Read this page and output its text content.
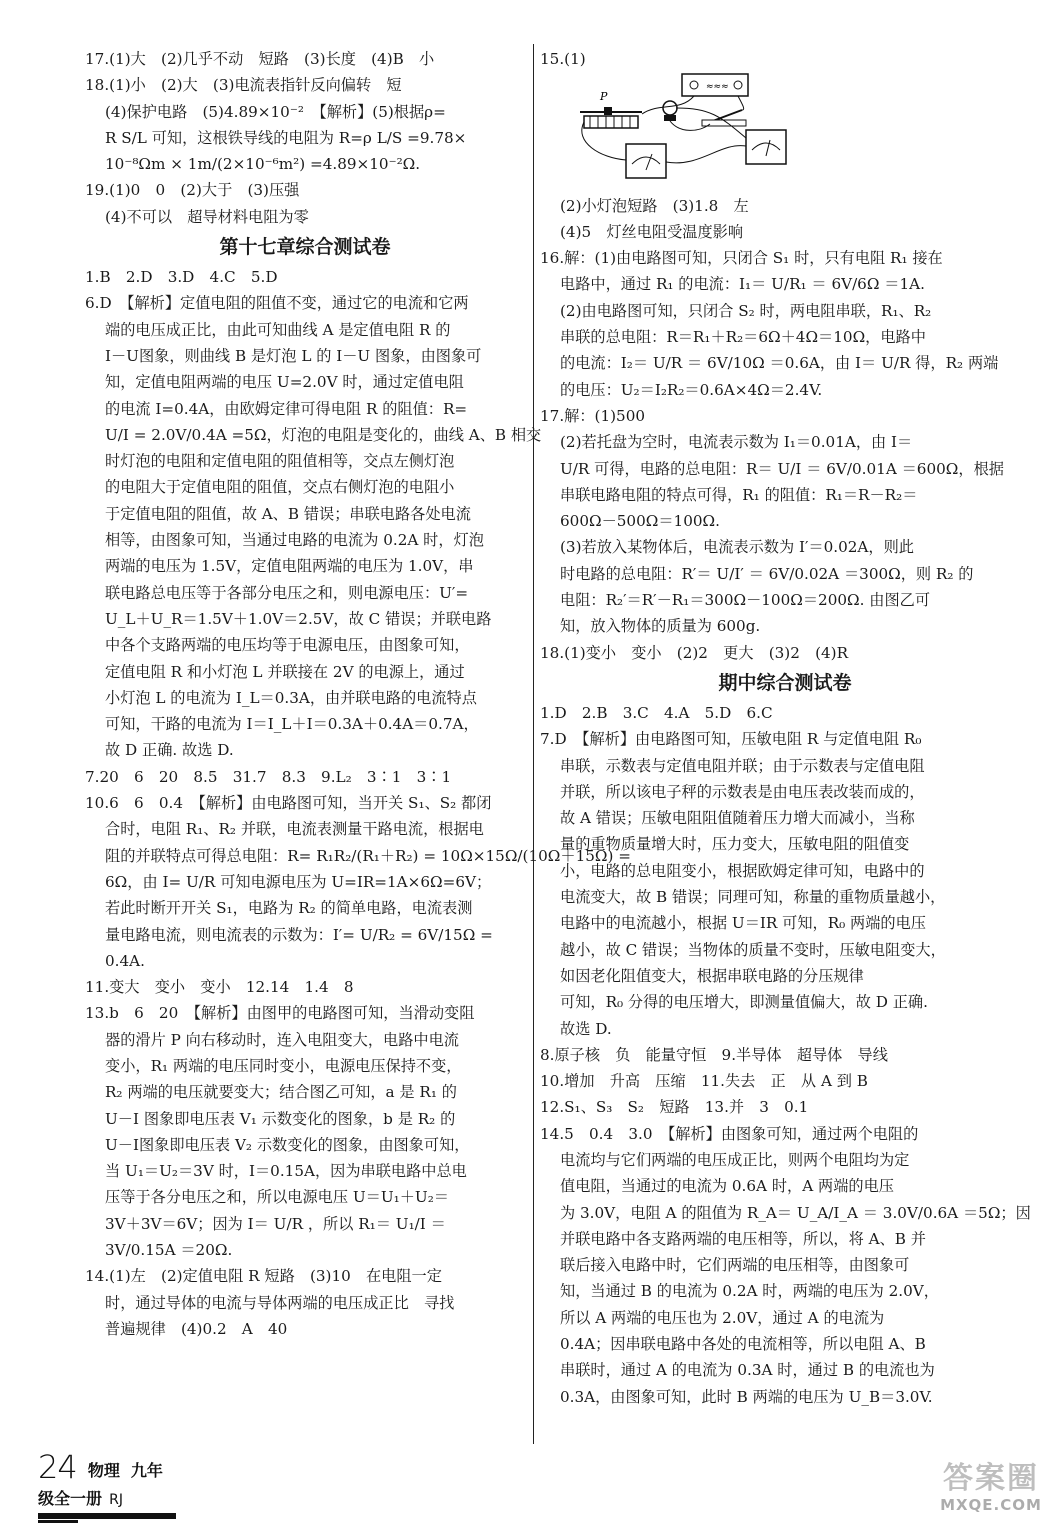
17.(1)大　(2)几乎不动　短路　(3)长度　(4)B　小
18.(1)小　(2)大　(3)电流表指针反向偏转　短
(4)保护电路　(5)4.89×10⁻²　【解析】(5)根据ρ=
R S/L 可知，这根铁导线的电阻为 R=ρ L/S =9.78×
10⁻⁸Ωm × 1m/(2×10⁻⁶m²) =4.89×10⁻²Ω.
19.(1)0　0　(2)大于　(3)压强
(4)不可以　超导材料电阻为零
第十七章综合测试卷
1.B　2.D　3.D　4.C　5.D
6.D　【解析】定值电阻的阻值不变，通过它的电流和它两
端的电压成正比，由此可知曲线 A 是定值电阻 R 的
I－U图象，则曲线 B 是灯泡 L 的 I－U 图象，由图象可
知，定值电阻两端的电压 U=2.0V 时，通过定值电阻
的电流 I=0.4A，由欧姆定律可得电阻 R 的阻值：R=
U/I = 2.0V/0.4A =5Ω，灯泡的电阻是变化的，曲线 A、B 相交
时灯泡的电阻和定值电阻的阻值相等，交点左侧灯泡
的电阻大于定值电阻的阻值，交点右侧灯泡的电阻小
于定值电阻的阻值，故 A、B 错误；串联电路各处电流
相等，由图象可知，当通过电路的电流为 0.2A 时，灯泡
两端的电压为 1.5V，定值电阻两端的电压为 1.0V，串
联电路总电压等于各部分电压之和，则电源电压：U′=
U_L＋U_R＝1.5V＋1.0V＝2.5V，故 C 错误；并联电路
中各个支路两端的电压均等于电源电压，由图象可知，
定值电阻 R 和小灯泡 L 并联接在 2V 的电源上，通过
小灯泡 L 的电流为 I_L＝0.3A，由并联电路的电流特点
可知，干路的电流为 I＝I_L＋I＝0.3A＋0.4A＝0.7A，
故 D 正确. 故选 D.
7.20　6　20　8.5　31.7　8.3　9.L₂　3∶1　3∶1
10.6　6　0.4　【解析】由电路图可知，当开关 S₁、S₂ 都闭
合时，电阻 R₁、R₂ 并联，电流表测量干路电流，根据电
阻的并联特点可得总电阻：R= R₁R₂/(R₁＋R₂) = 10Ω×15Ω/(10Ω＋15Ω) =
6Ω，由 I= U/R 可知电源电压为 U=IR=1A×6Ω=6V；
若此时断开开关 S₁，电路为 R₂ 的简单电路，电流表测
量电路电流，则电流表的示数为：I′= U/R₂ = 6V/15Ω =
0.4A.
11.变大　变小　变小　12.14　1.4　8
13.b　6　20　【解析】由图甲的电路图可知，当滑动变阻
器的滑片 P 向右移动时，连入电阻变大，电路中电流
变小，R₁ 两端的电压同时变小，电源电压保持不变，
R₂ 两端的电压就要变大；结合图乙可知，a 是 R₁ 的
U－I 图象即电压表 V₁ 示数变化的图象，b 是 R₂ 的
U－I图象即电压表 V₂ 示数变化的图象，由图象可知，
当 U₁＝U₂＝3V 时，I＝0.15A，因为串联电路中总电
压等于各分电压之和，所以电源电压 U＝U₁＋U₂＝
3V＋3V＝6V；因为 I＝ U/R ，所以 R₁＝ U₁/I ＝
3V/0.15A ＝20Ω.
14.(1)左　(2)定值电阻 R 短路　(3)10　在电阻一定
时，通过导体的电流与导体两端的电压成正比　寻找
普遍规律　(4)0.2　A　40
15.(1)
≈≈≈
P
(2)小灯泡短路　(3)1.8　左
(4)5　灯丝电阻受温度影响
16.解：(1)由电路图可知，只闭合 S₁ 时，只有电阻 R₁ 接在
电路中，通过 R₁ 的电流：I₁＝ U/R₁ ＝ 6V/6Ω ＝1A.
(2)由电路图可知，只闭合 S₂ 时，两电阻串联，R₁、R₂
串联的总电阻：R＝R₁＋R₂＝6Ω＋4Ω＝10Ω，电路中
的电流：I₂＝ U/R ＝ 6V/10Ω ＝0.6A，由 I＝ U/R 得，R₂ 两端
的电压：U₂＝I₂R₂＝0.6A×4Ω＝2.4V.
17.解：(1)500
(2)若托盘为空时，电流表示数为 I₁＝0.01A，由 I＝
U/R 可得，电路的总电阻：R＝ U/I ＝ 6V/0.01A ＝600Ω，根据
串联电路电阻的特点可得，R₁ 的阻值：R₁＝R－R₂＝
600Ω－500Ω＝100Ω.
(3)若放入某物体后，电流表示数为 I′＝0.02A，则此
时电路的总电阻：R′＝ U/I′ ＝ 6V/0.02A ＝300Ω，则 R₂ 的
电阻：R₂′＝R′－R₁＝300Ω－100Ω＝200Ω. 由图乙可
知，放入物体的质量为 600g.
18.(1)变小　变小　(2)2　更大　(3)2　(4)R
期中综合测试卷
1.D　2.B　3.C　4.A　5.D　6.C
7.D　【解析】由电路图可知，压敏电阻 R 与定值电阻 R₀
串联，示数表与定值电阻并联；由于示数表与定值电阻
并联，所以该电子秤的示数表是由电压表改装而成的，
故 A 错误；压敏电阻阻值随着压力增大而减小，当称
量的重物质量增大时，压力变大，压敏电阻的阻值变
小，电路的总电阻变小，根据欧姆定律可知，电路中的
电流变大，故 B 错误；同理可知，称量的重物质量越小，
电路中的电流越小，根据 U＝IR 可知，R₀ 两端的电压
越小，故 C 错误；当物体的质量不变时，压敏电阻变大，
如因老化阻值变大，根据串联电路的分压规律
可知，R₀ 分得的电压增大，即测量值偏大，故 D 正确.
故选 D.
8.原子核　负　能量守恒　9.半导体　超导体　导线
10.增加　升高　压缩　11.失去　正　从 A 到 B
12.S₁、S₃　S₂　短路　13.并　3　0.1
14.5　0.4　3.0　【解析】由图象可知，通过两个电阻的
电流均与它们两端的电压成正比，则两个电阻均为定
值电阻，当通过的电流为 0.6A 时，A 两端的电压
为 3.0V，电阻 A 的阻值为 R_A＝ U_A/I_A ＝ 3.0V/0.6A ＝5Ω；因
并联电路中各支路两端的电压相等，所以，将 A、B 并
联后接入电路中时，它们两端的电压相等，由图象可
知，当通过 B 的电流为 0.2A 时，两端的电压为 2.0V，
所以 A 两端的电压也为 2.0V，通过 A 的电流为
0.4A；因串联电路中各处的电流相等，所以电阻 A、B
串联时，通过 A 的电流为 0.3A 时，通过 B 的电流也为
0.3A，由图象可知，此时 B 两端的电压为 U_B＝3.0V.
24 物理 九年级全一册 RJ
答案圈
MXQE.COM
